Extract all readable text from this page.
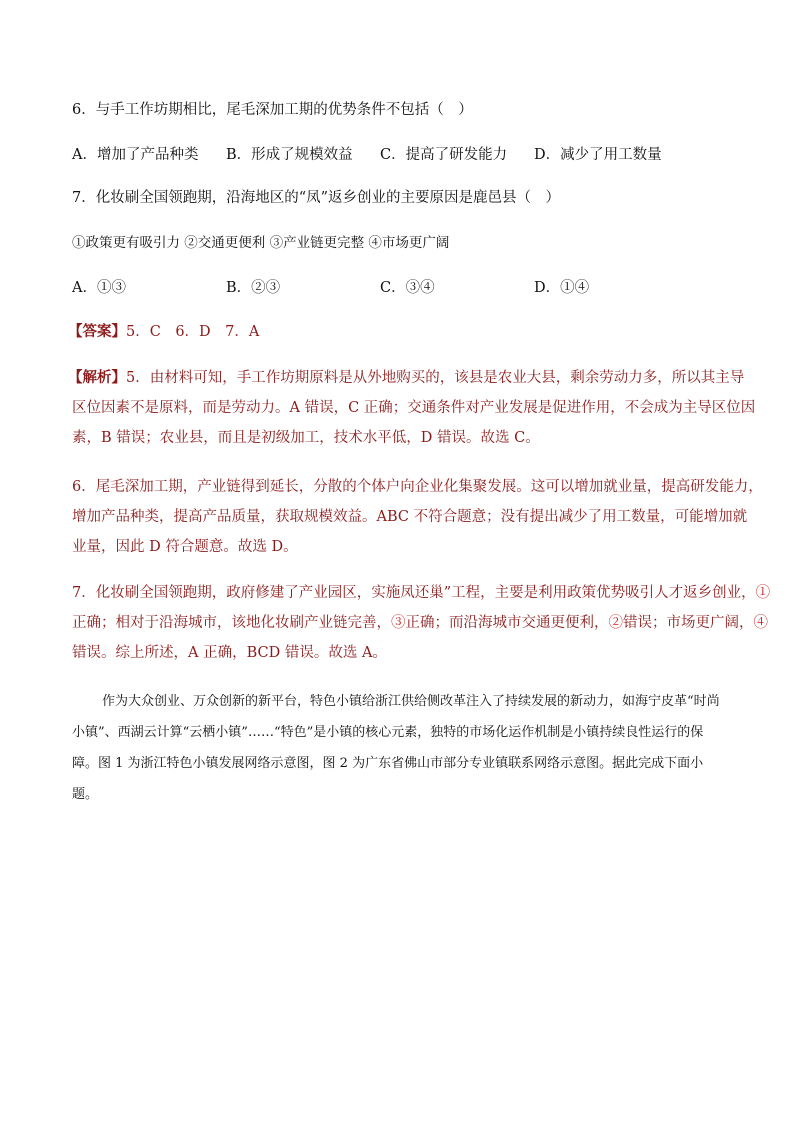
6．与手工作坊期相比，尾毛深加工期的优势条件不包括（　）
A．增加了产品种类 B．形成了规模效益 C．提高了研发能力 D．减少了用工数量
7．化妆刷全国领跑期，沿海地区的“凤”返乡创业的主要原因是鹿邑县（　）
①政策更有吸引力 ②交通更便利 ③产业链更完整 ④市场更广阔
A．①③	B．②③	C．③④	D．①④
【答案】5．C　6．D　7．A
【解析】5．由材料可知，手工作坊期原料是从外地购买的，该县是农业大县，剩余劳动力多，所以其主导
区位因素不是原料，而是劳动力。A 错误，C 正确；交通条件对产业发展是促进作用，不会成为主导区位因
素，B 错误；农业县，而且是初级加工，技术水平低，D 错误。故选 C。
6．尾毛深加工期，产业链得到延长，分散的个体户向企业化集聚发展。这可以增加就业量，提高研发能力，
增加产品种类，提高产品质量，获取规模效益。ABC 不符合题意；没有提出减少了用工数量，可能增加就
业量，因此 D 符合题意。故选 D。
7．化妆刷全国领跑期，政府修建了产业园区，实施凤还巢”工程，主要是利用政策优势吸引人才返乡创业，①
正确；相对于沿海城市，该地化妆刷产业链完善，③正确；而沿海城市交通更便利，②错误；市场更广阔，④
错误。综上所述，A 正确，BCD 错误。故选 A。
作为大众创业、万众创新的新平台，特色小镇给浙江供给侧改革注入了持续发展的新动力，如海宁皮革“时尚小镇”、西湖云计算“云栖小镇”……“特色”是小镇的核心元素，独特的市场化运作机制是小镇持续良性运行的保障。图 1 为浙江特色小镇发展网络示意图，图 2 为广东省佛山市部分专业镇联系网络示意图。据此完成下面小题。
